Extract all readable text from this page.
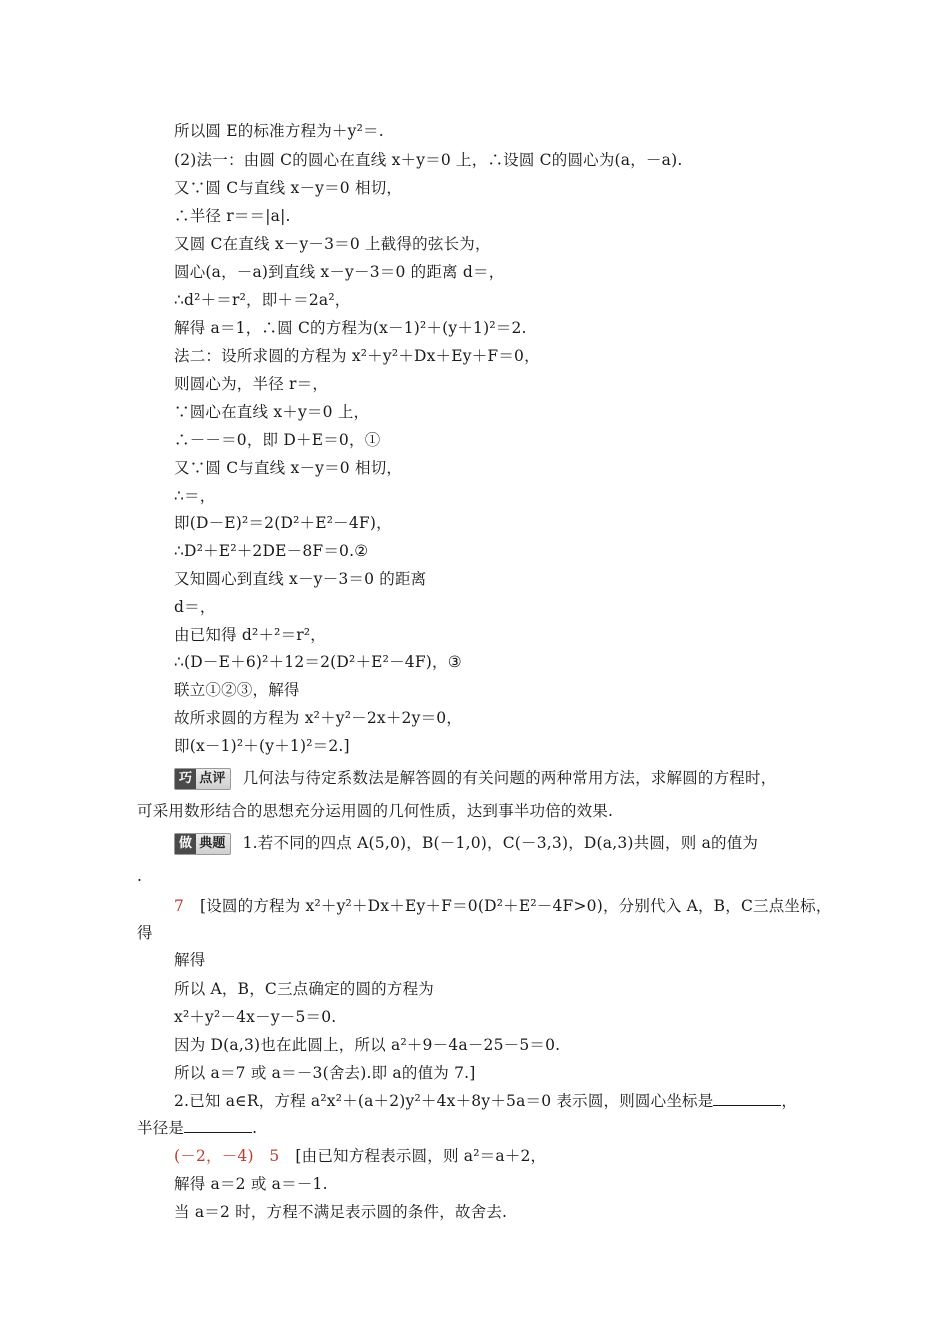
所以圆 E的标准方程为＋y²＝.
(2)法一：由圆 C的圆心在直线 x＋y＝0 上，∴设圆 C的圆心为(a，－a).
又∵圆 C与直线 x－y＝0 相切，
∴半径 r＝＝|a|.
又圆 C在直线 x－y－3＝0 上截得的弦长为，
圆心(a，－a)到直线 x－y－3＝0 的距离 d＝，
∴d²＋＝r²，即＋＝2a²，
解得 a＝1，∴圆 C的方程为(x－1)²＋(y＋1)²＝2.
法二：设所求圆的方程为 x²＋y²＋Dx＋Ey＋F＝0，
则圆心为，半径 r＝，
∵圆心在直线 x＋y＝0 上，
∴－－＝0，即 D＋E＝0，①
又∵圆 C与直线 x－y＝0 相切，
∴＝，
即(D－E)²＝2(D²＋E²－4F)，
∴D²＋E²＋2DE－8F＝0.②
又知圆心到直线 x－y－3＝0 的距离
d＝，
由已知得 d²＋²＝r²，
∴(D－E＋6)²＋12＝2(D²＋E²－4F)，③
联立①②③，解得
故所求圆的方程为 x²＋y²－2x＋2y＝0，
即(x－1)²＋(y＋1)²＝2.]
巧 点评 几何法与待定系数法是解答圆的有关问题的两种常用方法，求解圆的方程时，
可采用数形结合的思想充分运用圆的几何性质，达到事半功倍的效果.
做 典题 1.若不同的四点 A(5,0)，B(－1,0)，C(－3,3)，D(a,3)共圆，则 a的值为
.
7   [设圆的方程为 x²＋y²＋Dx＋Ey＋F＝0(D²＋E²－4F>0)，分别代入 A，B，C三点坐标，
得
解得
所以 A，B，C三点确定的圆的方程为
x²＋y²－4x－y－5＝0.
因为 D(a,3)也在此圆上，所以 a²＋9－4a－25－5＝0.
所以 a＝7 或 a＝－3(舍去).即 a的值为 7.]
2.已知 a∈R，方程 a²x²＋(a＋2)y²＋4x＋8y＋5a＝0 表示圆，则圆心坐标是	，
半径是	.
(－2，－4)　5   [由已知方程表示圆，则 a²＝a＋2，
解得 a＝2 或 a＝－1.
当 a＝2 时，方程不满足表示圆的条件，故舍去.
